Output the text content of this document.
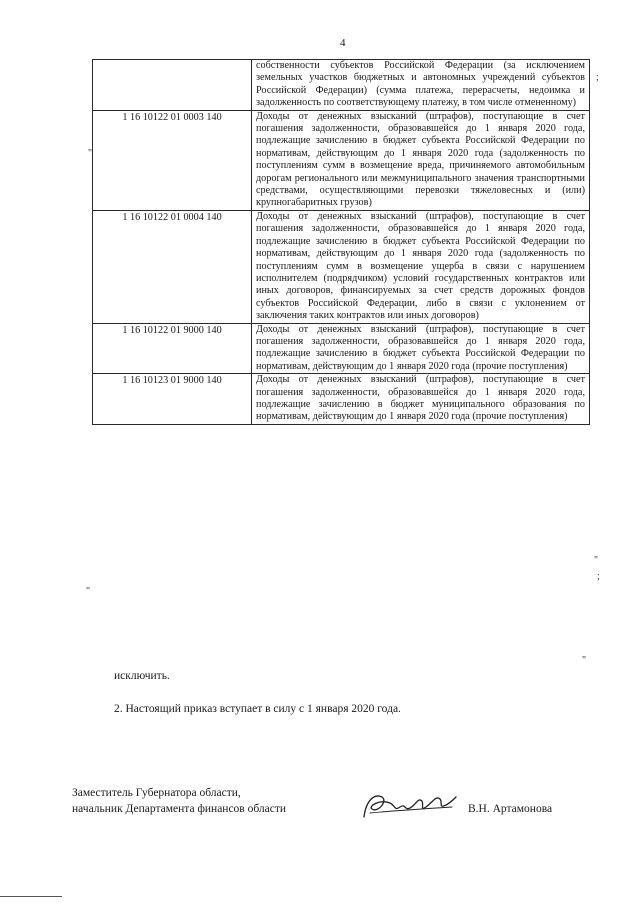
4
;
"
"
;
"
"
	собственности субъектов Российской Федерации (за исключением земельных участков бюджетных и автономных учреждений субъектов Российской Федерации) (сумма платежа, перерасчеты, недоимка и задолженность по соответствующему платежу, в том числе отмененному)
1 16 10122 01 0003 140	Доходы от денежных взысканий (штрафов), поступающие в счет погашения задолженности, образовавшейся до 1 января 2020 года, подлежащие зачислению в бюджет субъекта Российской Федерации по нормативам, действующим до 1 января 2020 года (задолженность по поступлениям сумм в возмещение вреда, причиняемого автомобильным дорогам регионального или межмуниципального значения транспортными средствами, осуществляющими перевозки тяжеловесных и (или) крупногабаритных грузов)
1 16 10122 01 0004 140	Доходы от денежных взысканий (штрафов), поступающие в счет погашения задолженности, образовавшейся до 1 января 2020 года, подлежащие зачислению в бюджет субъекта Российской Федерации по нормативам, действующим до 1 января 2020 года (задолженность по поступлениям сумм в возмещение ущерба в связи с нарушением исполнителем (подрядчиком) условий государственных контрактов или иных договоров, финансируемых за счет средств дорожных фондов субъектов Российской Федерации, либо в связи с уклонением от заключения таких контрактов или иных договоров)
1 16 10122 01 9000 140	Доходы от денежных взысканий (штрафов), поступающие в счет погашения задолженности, образовавшейся до 1 января 2020 года, подлежащие зачислению в бюджет субъекта Российской Федерации по нормативам, действующим до 1 января 2020 года (прочие поступления)
1 16 10123 01 9000 140	Доходы от денежных взысканий (штрафов), поступающие в счет погашения задолженности, образовавшейся до 1 января 2020 года, подлежащие зачислению в бюджет муниципального образования по нормативам, действующим до 1 января 2020 года (прочие поступления)
исключить.
2. Настоящий приказ вступает в силу с 1 января 2020 года.
Заместитель Губернатора области,
начальник Департамента финансов области	В.Н. Артамонова
